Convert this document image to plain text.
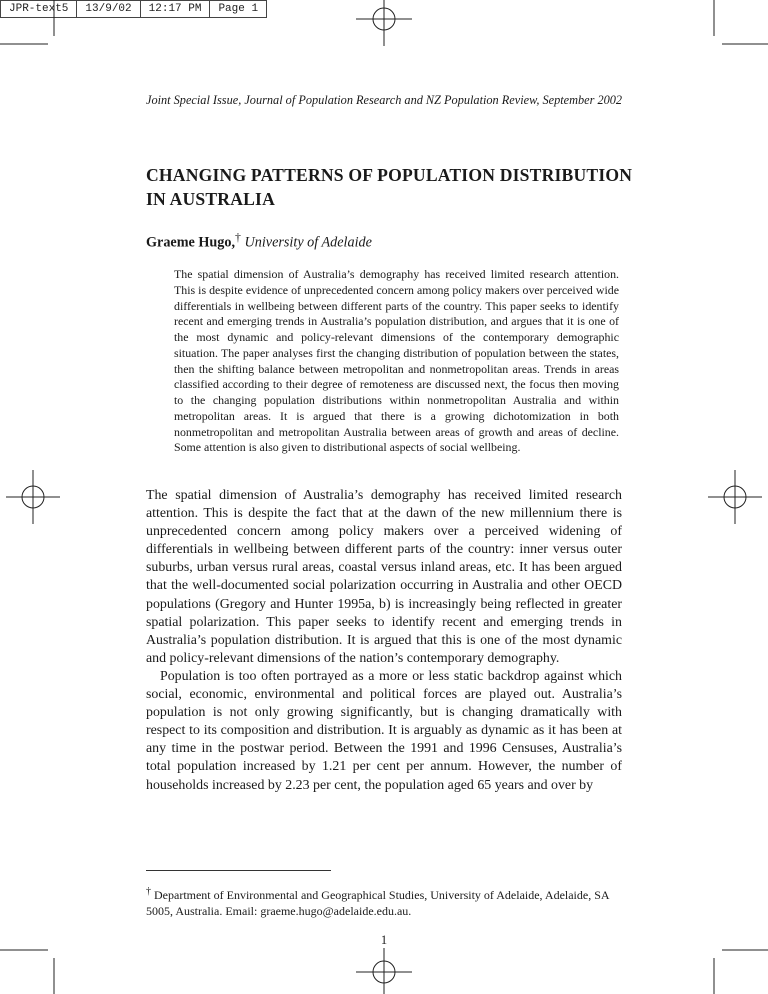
JPR-text5	13/9/02	12:17 PM	Page 1
Joint Special Issue, Journal of Population Research and NZ Population Review, September 2002
CHANGING PATTERNS OF POPULATION DISTRIBUTION
IN AUSTRALIA
Graeme Hugo,† University of Adelaide

The spatial dimension of Australia’s demography has received limited research attention. This is despite evidence of unprecedented concern among policy makers over perceived wide differentials in wellbeing between different parts of the country. This paper seeks to identify recent and emerging trends in Australia’s population distribution, and argues that it is one of the most dynamic and policy-relevant dimensions of the contemporary demographic situation. The paper analyses first the changing distribution of population between the states, then the shifting balance between metropolitan and nonmetropolitan areas. Trends in areas classified according to their degree of remoteness are discussed next, the focus then moving to the changing population distributions within nonmetropolitan Australia and within metropolitan areas. It is argued that there is a growing dichotomization in both nonmetropolitan and metropolitan Australia between areas of growth and areas of decline. Some attention is also given to distributional aspects of social wellbeing.

The spatial dimension of Australia’s demography has received limited research attention. This is despite the fact that at the dawn of the new millennium there is unprecedented concern among policy makers over a perceived widening of differentials in wellbeing between different parts of the country: inner versus outer suburbs, urban versus rural areas, coastal versus inland areas, etc. It has been argued that the well-documented social polarization occurring in Australia and other OECD populations (Gregory and Hunter 1995a, b) is increasingly being reflected in greater spatial polarization. This paper seeks to identify recent and emerging trends in Australia’s population distribution. It is argued that this is one of the most dynamic and policy-relevant dimensions of the nation’s contemporary demography.

Population is too often portrayed as a more or less static backdrop against which social, economic, environmental and political forces are played out. Australia’s population is not only growing significantly, but is changing dramatically with respect to its composition and distribution. It is arguably as dynamic as it has been at any time in the postwar period. Between the 1991 and 1996 Censuses, Australia’s total population increased by 1.21 per cent per annum. However, the number of households increased by 2.23 per cent, the population aged 65 years and over by

† Department of Environmental and Geographical Studies, University of Adelaide, Adelaide, SA 5005, Australia. Email: graeme.hugo@adelaide.edu.au.
1
